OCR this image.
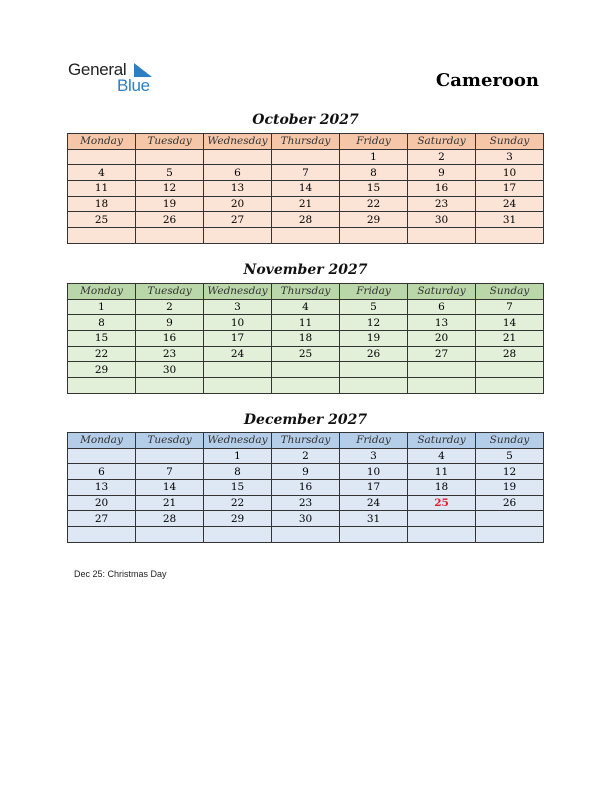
General
Blue	Cameroon
October 2027
Monday	Tuesday	Wednesday	Thursday	Friday	Saturday	Sunday
				1	2	3
4	5	6	7	8	9	10
11	12	13	14	15	16	17
18	19	20	21	22	23	24
25	26	27	28	29	30	31

November 2027
Monday	Tuesday	Wednesday	Thursday	Friday	Saturday	Sunday
1	2	3	4	5	6	7
8	9	10	11	12	13	14
15	16	17	18	19	20	21
22	23	24	25	26	27	28
29	30					

December 2027
Monday	Tuesday	Wednesday	Thursday	Friday	Saturday	Sunday
		1	2	3	4	5
6	7	8	9	10	11	12
13	14	15	16	17	18	19
20	21	22	23	24	25	26
27	28	29	30	31		

Dec 25: Christmas Day
